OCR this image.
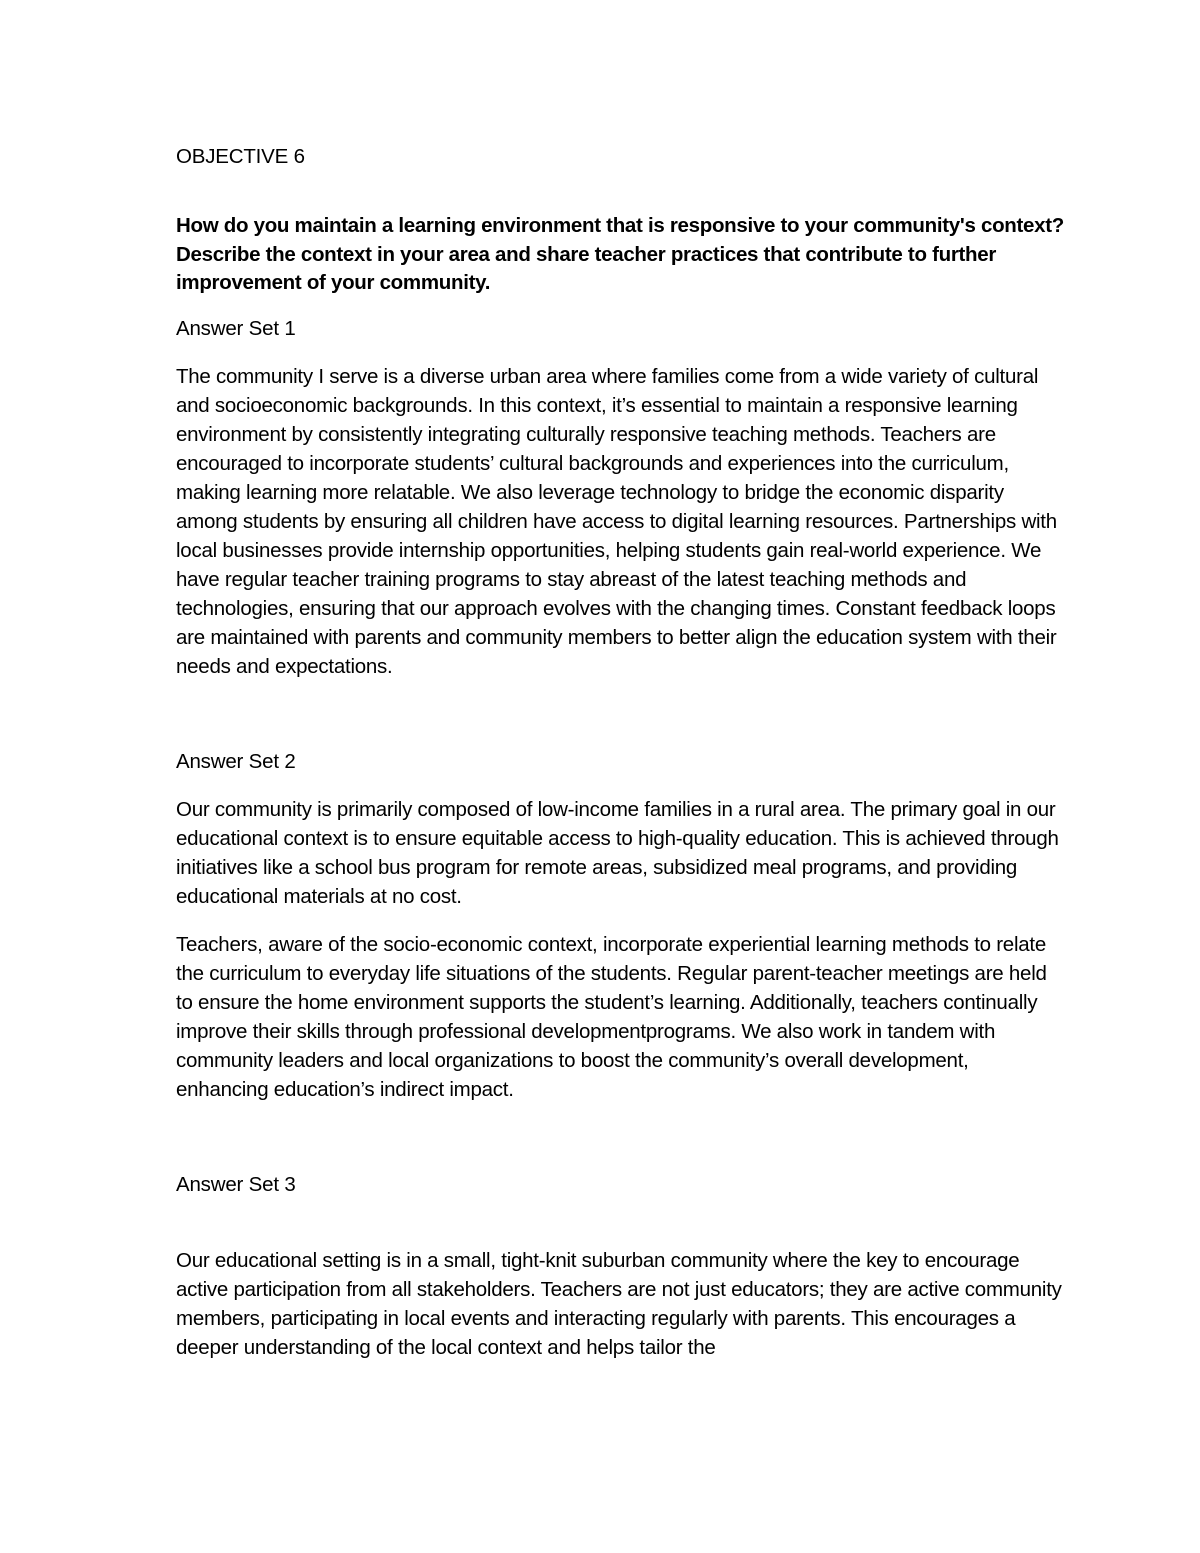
OBJECTIVE 6
How do you maintain a learning environment that is responsive to your community's context? Describe the context in your area and share teacher practices that contribute to further improvement of your community.
Answer Set 1
The community I serve is a diverse urban area where families come from a wide variety of cultural and socioeconomic backgrounds. In this context, it’s essential to maintain a responsive learning environment by consistently integrating culturally responsive teaching methods. Teachers are encouraged to incorporate students’ cultural backgrounds and experiences into the curriculum, making learning more relatable. We also leverage technology to bridge the economic disparity among students by ensuring all children have access to digital learning resources. Partnerships with local businesses provide internship opportunities, helping students gain real-world experience. We have regular teacher training programs to stay abreast of the latest teaching methods and technologies, ensuring that our approach evolves with the changing times. Constant feedback loops are maintained with parents and community members to better align the education system with their needs and expectations.
Answer Set 2
Our community is primarily composed of low-income families in a rural area. The primary goal in our educational context is to ensure equitable access to high-quality education. This is achieved through initiatives like a school bus program for remote areas, subsidized meal programs, and providing educational materials at no cost.
Teachers, aware of the socio-economic context, incorporate experiential learning methods to relate the curriculum to everyday life situations of the students. Regular parent-teacher meetings are held to ensure the home environment supports the student’s learning. Additionally, teachers continually improve their skills through professional developmentprograms. We also work in tandem with community leaders and local organizations to boost the community’s overall development, enhancing education’s indirect impact.
Answer Set 3
Our educational setting is in a small, tight-knit suburban community where the key to encourage active participation from all stakeholders. Teachers are not just educators; they are active community members, participating in local events and interacting regularly with parents. This encourages a deeper understanding of the local context and helps tailor the
